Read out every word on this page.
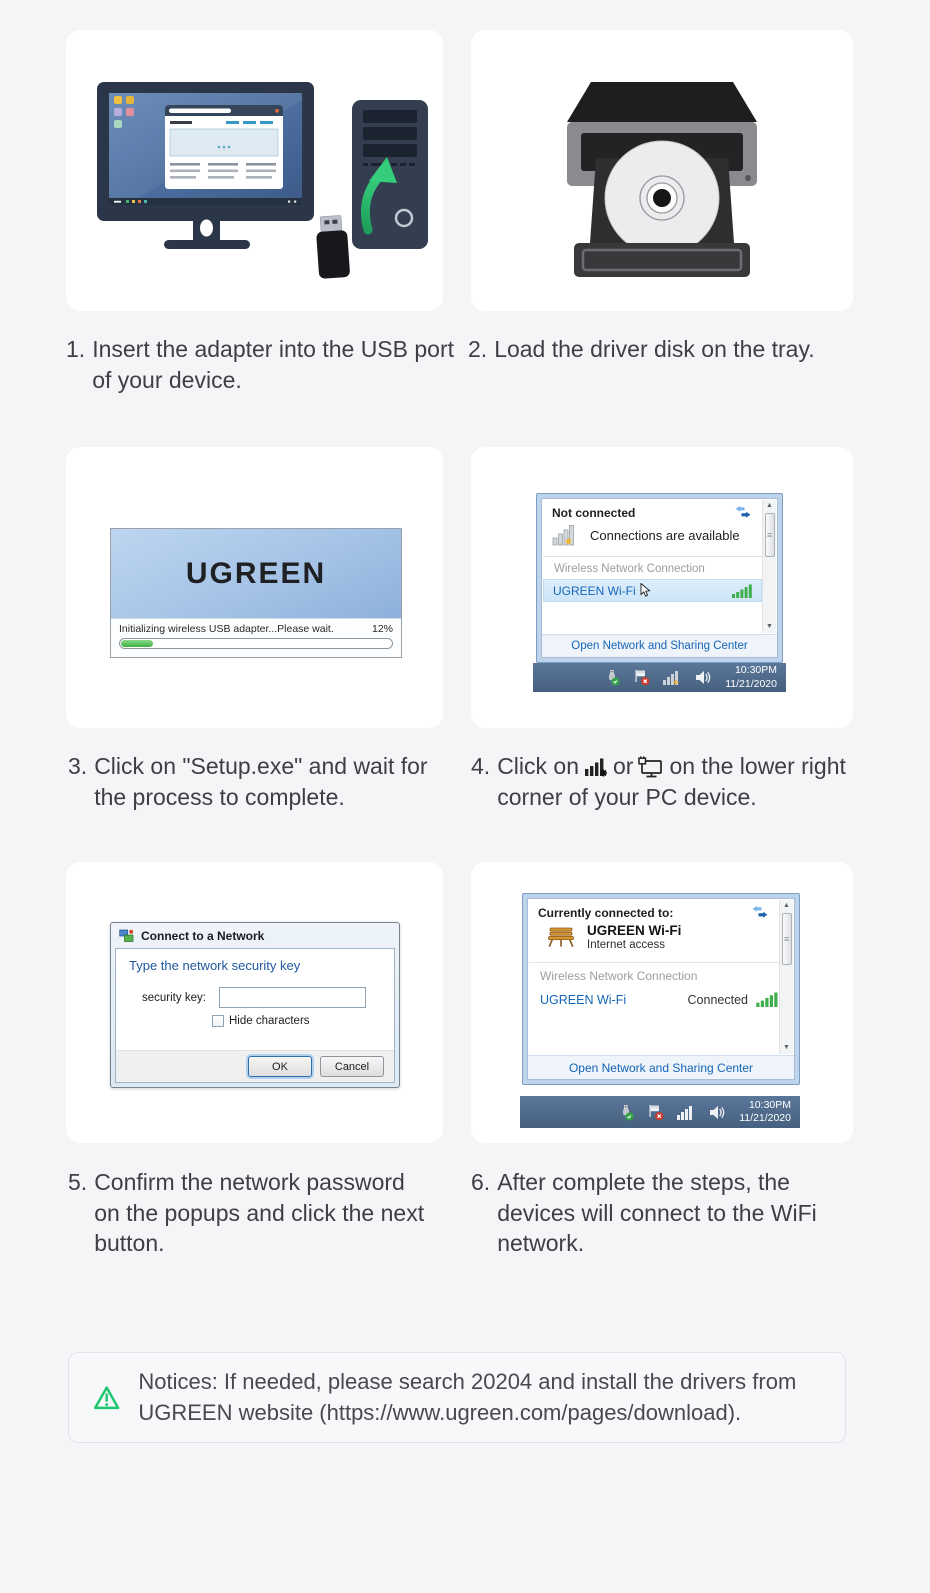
UGREEN
Initializing wireless USB adapter...Please wait.	12%
Not connected
Connections are available
Wireless Network Connection
UGREEN Wi-Fi
Open Network and Sharing Center
▲
≡
▼
10:30PM
11/21/2020
Connect to a Network
Type the network security key
security key:
Hide characters
OK	Cancel
Currently connected to:
UGREEN Wi-Fi
Internet access
Wireless Network Connection
UGREEN Wi-Fi	Connected
Open Network and Sharing Center
▲
≡
▼
10:30PM
11/21/2020
1. Insert the adapter into the USB port of your device.
2. Load the driver disk on the tray.
3. Click on "Setup.exe" and wait for the process to complete.
4. Click on or on the lower right corner of your PC device.
5. Confirm the network password on the popups and click the next button.
6. After complete the steps, the devices will connect to the WiFi network.
Notices: If needed, please search 20204 and install the drivers from UGREEN website (https://www.ugreen.com/pages/download).
